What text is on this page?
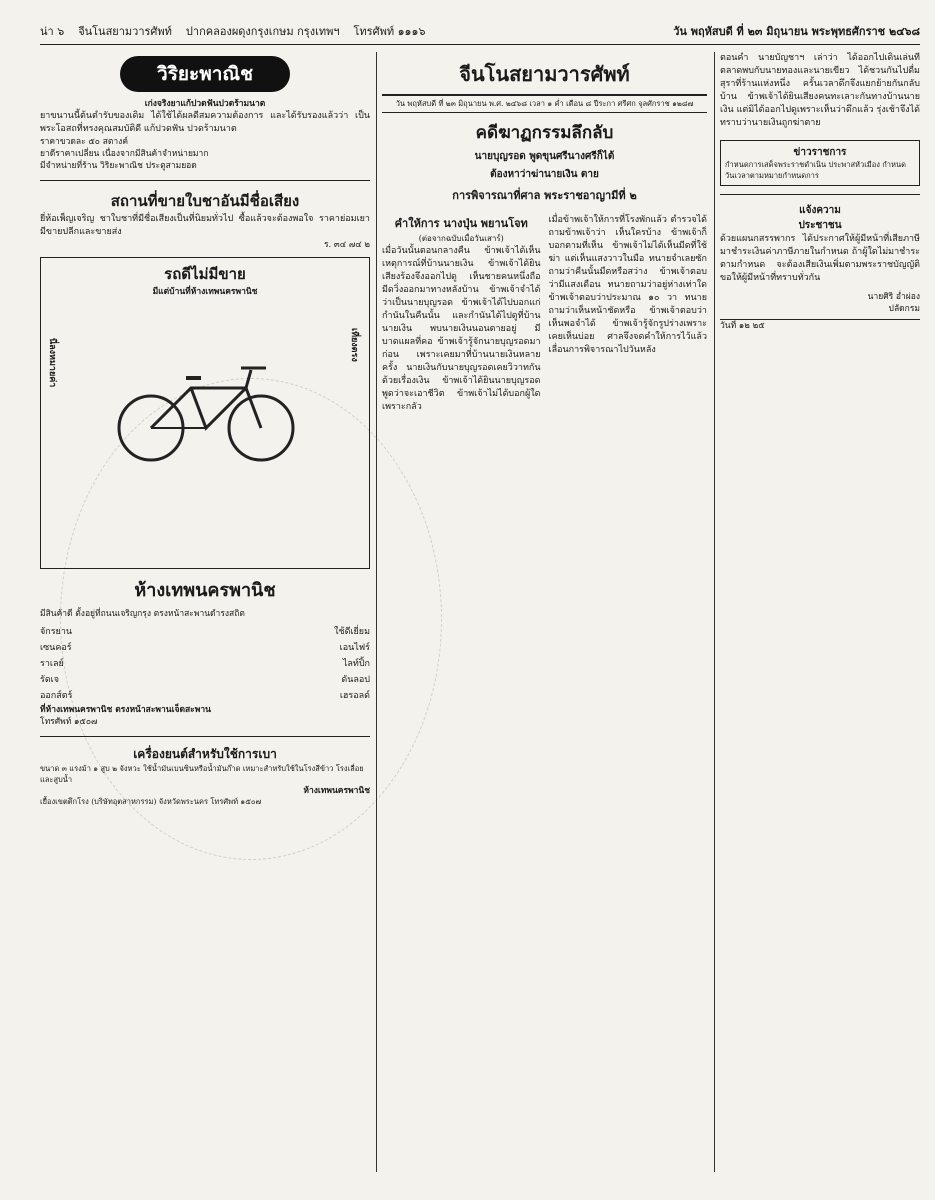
น่า ๖ จีนโนสยามวารศัพท์ ปากคลองผดุงกรุงเกษม กรุงเทพฯ โทรศัพท์ ๑๑๑๖	วัน พฤหัสบดี ที่ ๒๓ มิถุนายน พระพุทธศักราช ๒๔๖๘
วิริยะพาณิช
เก่งจริงยาแก้ปวดฟันปวดร้ามนาต
ยาขนานนี้ต้นตำรับของเดิม ได้ใช้ได้ผลดีสมความต้องการ และได้รับรองแล้วว่า เป็นพระโอสถที่ทรงคุณสมบัติดี แก้ปวดฟัน ปวดร้ามนาต
ราคาขวดละ ๕๐ สตางค์
ยาดีราคาเปลี่ยน เนื่องจากมีสินค้าจำหน่ายมาก
มีจำหน่ายที่ร้าน วิริยะพาณิช ประตูสามยอด
สถานที่ขายใบชาอันมีชื่อเสียง
ยี่ห้อเพ็ญเจริญ ชาใบชาที่มีชื่อเสียงเป็นที่นิยมทั่วไป ซื้อแล้วจะต้องพอใจ ราคาย่อมเยา มีขายปลีกและขายส่ง
ร. ๓๔ ๗๔ ๒
รถดีไม่มีขาย
มีแต่บ้านที่ห้างเทพนครพานิช
นี่ลงหมายค่า	เที่ยงตรง
ห้างเทพนครพานิช
มีสินค้าดี ตั้งอยู่ที่ถนนเจริญกรุง ตรงหน้าสะพานดำรงสถิต
จักรยาน	ใช้ดีเยี่ยม
เซนคอร์	เอนไฟร์
ราเลย์	ไลท์ปิ้ก
รัดเจ	ดันลอป
ออกส์ตร์	เฮรอลด์
ที่ห้างเทพนครพานิช ตรงหน้าสะพานเจ็ดสะพาน
โทรศัพท์ ๑๕๐๗
เครื่องยนต์สำหรับใช้การเบา
ขนาด ๓ แรงม้า ๑ สูบ ๒ จังหวะ ใช้น้ำมันเบนซินหรือน้ำมันก๊าด เหมาะสำหรับใช้ในโรงสีข้าว โรงเลื่อย และสูบน้ำ
ห้างเทพนครพานิช
เยื้องเขตตึกโรง (บริษัทอุตสาหกรรม) จังหวัดพระนคร โทรศัพท์ ๑๕๐๗
จีนโนสยามวารศัพท์
วัน พฤหัสบดี ที่ ๒๓ มิถุนายน พ.ศ. ๒๔๖๘ เวลา ๑ ค่ำ เดือน ๘ ปีระกา ศรีศก จุลศักราช ๑๒๘๗
คดีฆาฏกรรมลึกลับ
นายบุญรอด พูดขุนศรีนางศรีก็ไต้
ต้องหาว่าฆ่านายเงิน ตาย
การพิจารณาที่ศาล พระราชอาญามีที่ ๒
คำให้การ นางปุ่น พยานโจท
(ต่อจากฉบับเมื่อวันเสาร์)
เมื่อวันนั้นตอนกลางคืน ข้าพเจ้าได้เห็นเหตุการณ์ที่บ้านนายเงิน ข้าพเจ้าได้ยินเสียงร้องจึงออกไปดู เห็นชายคนหนึ่งถือมีดวิ่งออกมาทางหลังบ้าน ข้าพเจ้าจำได้ว่าเป็นนายบุญรอด ข้าพเจ้าได้ไปบอกแก่กำนันในคืนนั้น และกำนันได้ไปดูที่บ้านนายเงิน พบนายเงินนอนตายอยู่ มีบาดแผลที่คอ ข้าพเจ้ารู้จักนายบุญรอดมาก่อน เพราะเคยมาที่บ้านนายเงินหลายครั้ง นายเงินกับนายบุญรอดเคยวิวาทกันด้วยเรื่องเงิน ข้าพเจ้าได้ยินนายบุญรอดพูดว่าจะเอาชีวิต ข้าพเจ้าไม่ได้บอกผู้ใดเพราะกลัว
เมื่อข้าพเจ้าให้การที่โรงพักแล้ว ตำรวจได้ถามข้าพเจ้าว่า เห็นใครบ้าง ข้าพเจ้าก็บอกตามที่เห็น ข้าพเจ้าไม่ได้เห็นมีดที่ใช้ฆ่า แต่เห็นแสงวาวในมือ ทนายจำเลยซักถามว่าคืนนั้นมืดหรือสว่าง ข้าพเจ้าตอบว่ามีแสงเดือน ทนายถามว่าอยู่ห่างเท่าใด ข้าพเจ้าตอบว่าประมาณ ๑๐ วา ทนายถามว่าเห็นหน้าชัดหรือ ข้าพเจ้าตอบว่าเห็นพอจำได้ ข้าพเจ้ารู้จักรูปร่างเพราะเคยเห็นบ่อย ศาลจึงจดคำให้การไว้แล้วเลื่อนการพิจารณาไปวันหลัง
ตอนค่ำ นายบัญชาฯ เล่าว่า ได้ออกไปเดินเล่นที่ตลาดพบกับนายทองและนายเขียว ได้ชวนกันไปดื่มสุราที่ร้านแห่งหนึ่ง ครั้นเวลาดึกจึงแยกย้ายกันกลับบ้าน ข้าพเจ้าได้ยินเสียงคนทะเลาะกันทางบ้านนายเงิน แต่มิได้ออกไปดูเพราะเห็นว่าดึกแล้ว รุ่งเช้าจึงได้ทราบว่านายเงินถูกฆ่าตาย
ข่าวราชการ
กำหนดการเสด็จพระราชดำเนิน ประพาสหัวเมือง กำหนดวันเวลาตามหมายกำหนดการ
แจ้งความ
ประชาชน
ด้วยแผนกสรรพากร ได้ประกาศให้ผู้มีหน้าที่เสียภาษีมาชำระเงินค่าภาษีภายในกำหนด ถ้าผู้ใดไม่มาชำระตามกำหนด จะต้องเสียเงินเพิ่มตามพระราชบัญญัติ ขอให้ผู้มีหน้าที่ทราบทั่วกัน
นายศิริ อ่ำผ่อง
ปลัดกรม
วันที่ ๑๒ ๒๕
